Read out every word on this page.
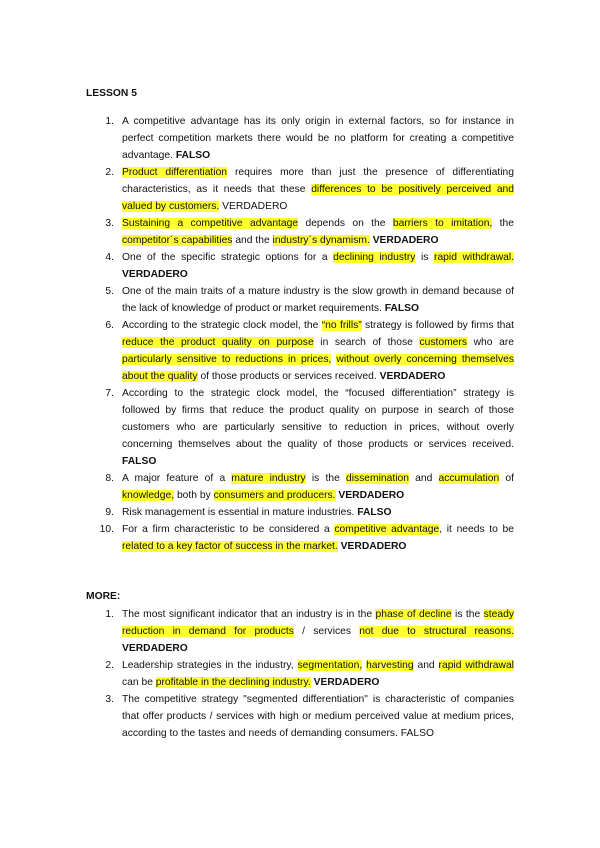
LESSON 5
1. A competitive advantage has its only origin in external factors, so for instance in perfect competition markets there would be no platform for creating a competitive advantage. FALSO
2. Product differentiation requires more than just the presence of differentiating characteristics, as it needs that these differences to be positively perceived and valued by customers. VERDADERO
3. Sustaining a competitive advantage depends on the barriers to imitation, the competitor´s capabilities and the industry´s dynamism. VERDADERO
4. One of the specific strategic options for a declining industry is rapid withdrawal. VERDADERO
5. One of the main traits of a mature industry is the slow growth in demand because of the lack of knowledge of product or market requirements. FALSO
6. According to the strategic clock model, the “no frills” strategy is followed by firms that reduce the product quality on purpose in search of those customers who are particularly sensitive to reductions in prices, without overly concerning themselves about the quality of those products or services received. VERDADERO
7. According to the strategic clock model, the “focused differentiation” strategy is followed by firms that reduce the product quality on purpose in search of those customers who are particularly sensitive to reduction in prices, without overly concerning themselves about the quality of those products or services received. FALSO
8. A major feature of a mature industry is the dissemination and accumulation of knowledge, both by consumers and producers. VERDADERO
9. Risk management is essential in mature industries. FALSO
10. For a firm characteristic to be considered a competitive advantage, it needs to be related to a key factor of success in the market. VERDADERO
MORE:
1. The most significant indicator that an industry is in the phase of decline is the steady reduction in demand for products / services not due to structural reasons. VERDADERO
2. Leadership strategies in the industry, segmentation, harvesting and rapid withdrawal can be profitable in the declining industry. VERDADERO
3. The competitive strategy "segmented differentiation" is characteristic of companies that offer products / services with high or medium perceived value at medium prices, according to the tastes and needs of demanding consumers. FALSO
